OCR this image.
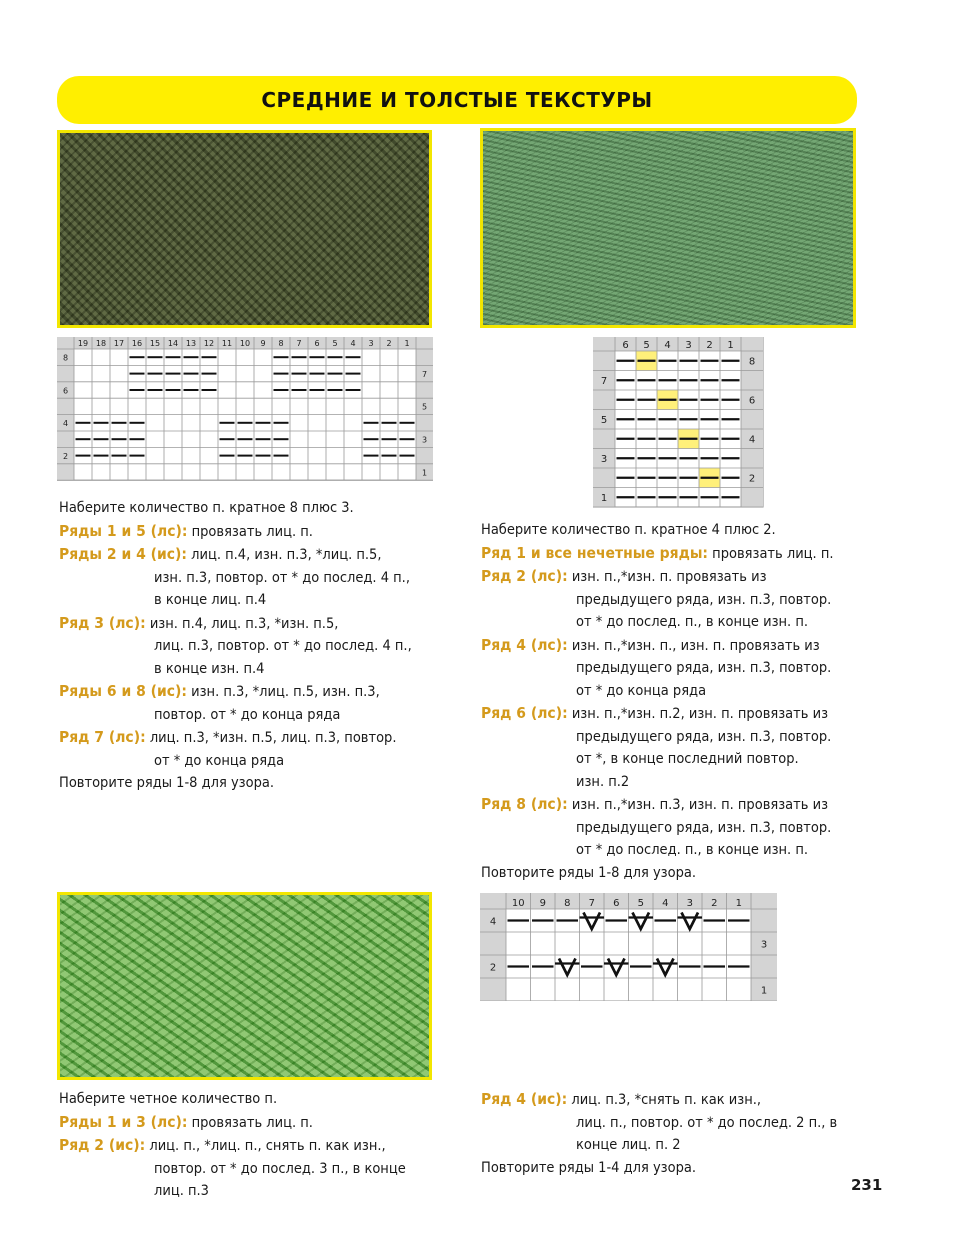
СРЕДНИЕ И ТОЛСТЫЕ ТЕКСТУРЫ
19 18 17 16 15 14 13 12 11 10 9 8 7 6 5 4 3 2 1
8
6
4
2
7
5
3
1
6 5 4 3 2 1
7
5
3
1
8
6
4
2
10 9 8 7 6 5 4 3 2 1
4
2
3
1

Наберите количество п. кратное 8 плюс 3.

Ряды 1 и 5 (лс): провязать лиц. п.

Ряды 2 и 4 (ис): лиц. п.4, изн. п.3, *лиц. п.5,

изн. п.3, повтор. от * до послед. 4 п.,

в конце лиц. п.4

Ряд 3 (лс): изн. п.4, лиц. п.3, *изн. п.5,

лиц. п.3, повтор. от * до послед. 4 п.,

в конце изн. п.4

Ряды 6 и 8 (ис): изн. п.3, *лиц. п.5, изн. п.3,

повтор. от * до конца ряда

Ряд 7 (лс): лиц. п.3, *изн. п.5, лиц. п.3, повтор.

от * до конца ряда

Повторите ряды 1-8 для узора.

Наберите количество п. кратное 4 плюс 2.

Ряд 1 и все нечетные ряды: провязать лиц. п.

Ряд 2 (лс): изн. п.,*изн. п. провязать из

предыдущего ряда, изн. п.3, повтор.

от * до послед. п., в конце изн. п.

Ряд 4 (лс): изн. п.,*изн. п., изн. п. провязать из

предыдущего ряда, изн. п.3, повтор.

от * до конца ряда

Ряд 6 (лс): изн. п.,*изн. п.2, изн. п. провязать из

предыдущего ряда, изн. п.3, повтор.

от *, в конце последний повтор.

изн. п.2

Ряд 8 (лс): изн. п.,*изн. п.3, изн. п. провязать из

предыдущего ряда, изн. п.3, повтор.

от * до послед. п., в конце изн. п.

Повторите ряды 1-8 для узора.

Наберите четное количество п.

Ряды 1 и 3 (лс): провязать лиц. п.

Ряд 2 (ис): лиц. п., *лиц. п., снять п. как изн.,

повтор. от * до послед. 3 п., в конце

лиц. п.3

Ряд 4 (ис): лиц. п.3, *снять п. как изн.,

лиц. п., повтор. от * до послед. 2 п., в

конце лиц. п. 2

Повторите ряды 1-4 для узора.

231
